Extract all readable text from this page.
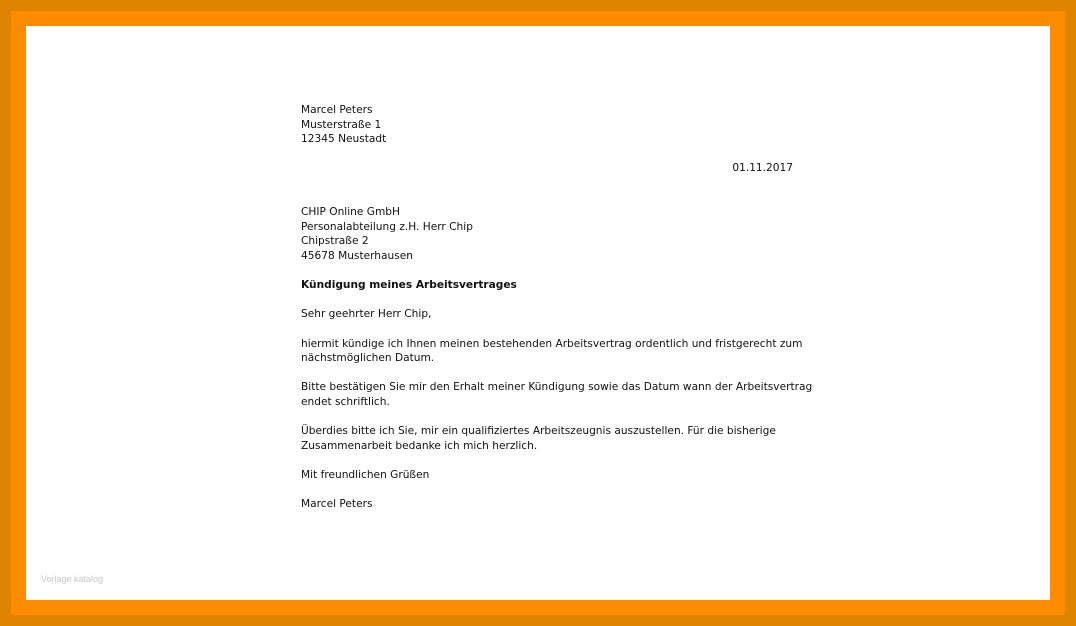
Marcel Peters
Musterstraße 1
12345 Neustadt
01.11.2017
CHIP Online GmbH
Personalabteilung z.H. Herr Chip
Chipstraße 2
45678 Musterhausen
Kündigung meines Arbeitsvertrages
Sehr geehrter Herr Chip,
hiermit kündige ich Ihnen meinen bestehenden Arbeitsvertrag ordentlich und fristgerecht zum
nächstmöglichen Datum.
Bitte bestätigen Sie mir den Erhalt meiner Kündigung sowie das Datum wann der Arbeitsvertrag
endet schriftlich.
Überdies bitte ich Sie, mir ein qualifiziertes Arbeitszeugnis auszustellen. Für die bisherige
Zusammenarbeit bedanke ich mich herzlich.
Mit freundlichen Grüßen
Marcel Peters
Vorlage katalog
